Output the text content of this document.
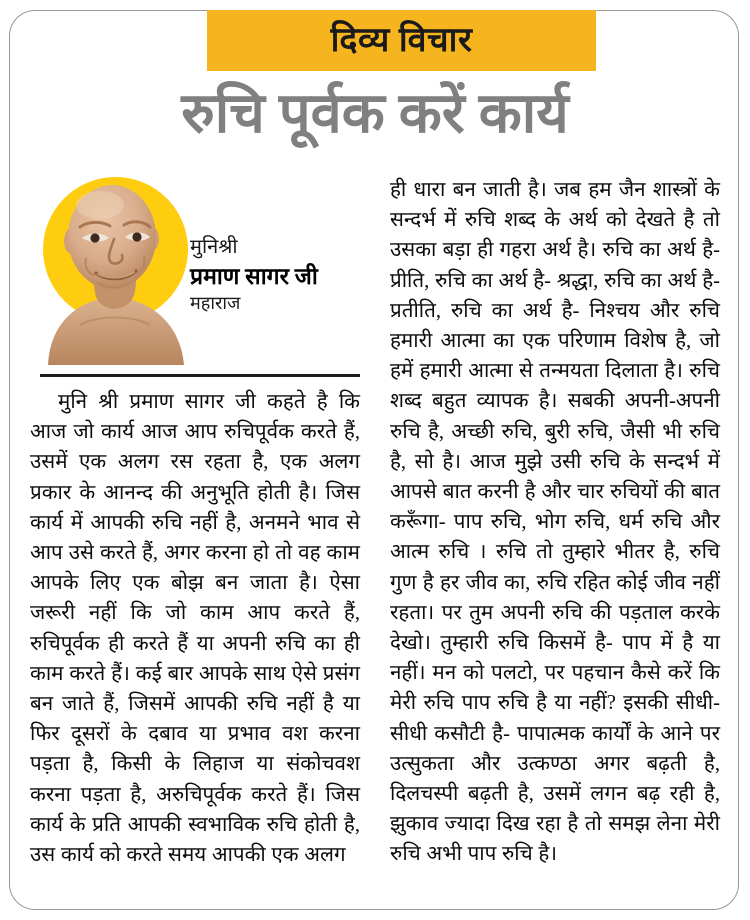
दिव्य विचार
रुचि पूर्वक करें कार्य
मुनिश्री
प्रमाण सागर जी
महाराज
मुनि श्री प्रमाण सागर जी कहते है कि आज जो कार्य आज आप रुचिपूर्वक करते हैं, उसमें एक अलग रस रहता है, एक अलग प्रकार के आनन्द की अनुभूति होती है। जिस कार्य में आपकी रुचि नहीं है, अनमने भाव से आप उसे करते हैं, अगर करना हो तो वह काम आपके लिए एक बोझ बन जाता है। ऐसा जरूरी नहीं कि जो काम आप करते हैं, रुचिपूर्वक ही करते हैं या अपनी रुचि का ही काम करते हैं। कई बार आपके साथ ऐसे प्रसंग बन जाते हैं, जिसमें आपकी रुचि नहीं है या फिर दूसरों के दबाव या प्रभाव वश करना पड़ता है, किसी के लिहाज या संकोचवश करना पड़ता है, अरुचिपूर्वक करते हैं। जिस कार्य के प्रति आपकी स्वभाविक रुचि होती है, उस कार्य को करते समय आपकी एक अलग
ही धारा बन जाती है। जब हम जैन शास्त्रों के सन्दर्भ में रुचि शब्द के अर्थ को देखते है तो उसका बड़ा ही गहरा अर्थ है। रुचि का अर्थ है- प्रीति, रुचि का अर्थ है- श्रद्धा, रुचि का अर्थ है- प्रतीति, रुचि का अर्थ है- निश्चय और रुचि हमारी आत्मा का एक परिणाम विशेष है, जो हमें हमारी आत्मा से तन्मयता दिलाता है। रुचि शब्द बहुत व्यापक है। सबकी अपनी-अपनी रुचि है, अच्छी रुचि, बुरी रुचि, जैसी भी रुचि है, सो है। आज मुझे उसी रुचि के सन्दर्भ में आपसे बात करनी है और चार रुचियों की बात करूँगा- पाप रुचि, भोग रुचि, धर्म रुचि और आत्म रुचि । रुचि तो तुम्हारे भीतर है, रुचि गुण है हर जीव का, रुचि रहित कोई जीव नहीं रहता। पर तुम अपनी रुचि की पड़ताल करके देखो। तुम्हारी रुचि किसमें है- पाप में है या नहीं। मन को पलटो, पर पहचान कैसे करें कि मेरी रुचि पाप रुचि है या नहीं? इसकी सीधी-सीधी कसौटी है- पापात्मक कार्यों के आने पर उत्सुकता और उत्कण्ठा अगर बढ़ती है, दिलचस्पी बढ़ती है, उसमें लगन बढ़ रही है, झुकाव ज्यादा दिख रहा है तो समझ लेना मेरी रुचि अभी पाप रुचि है।
